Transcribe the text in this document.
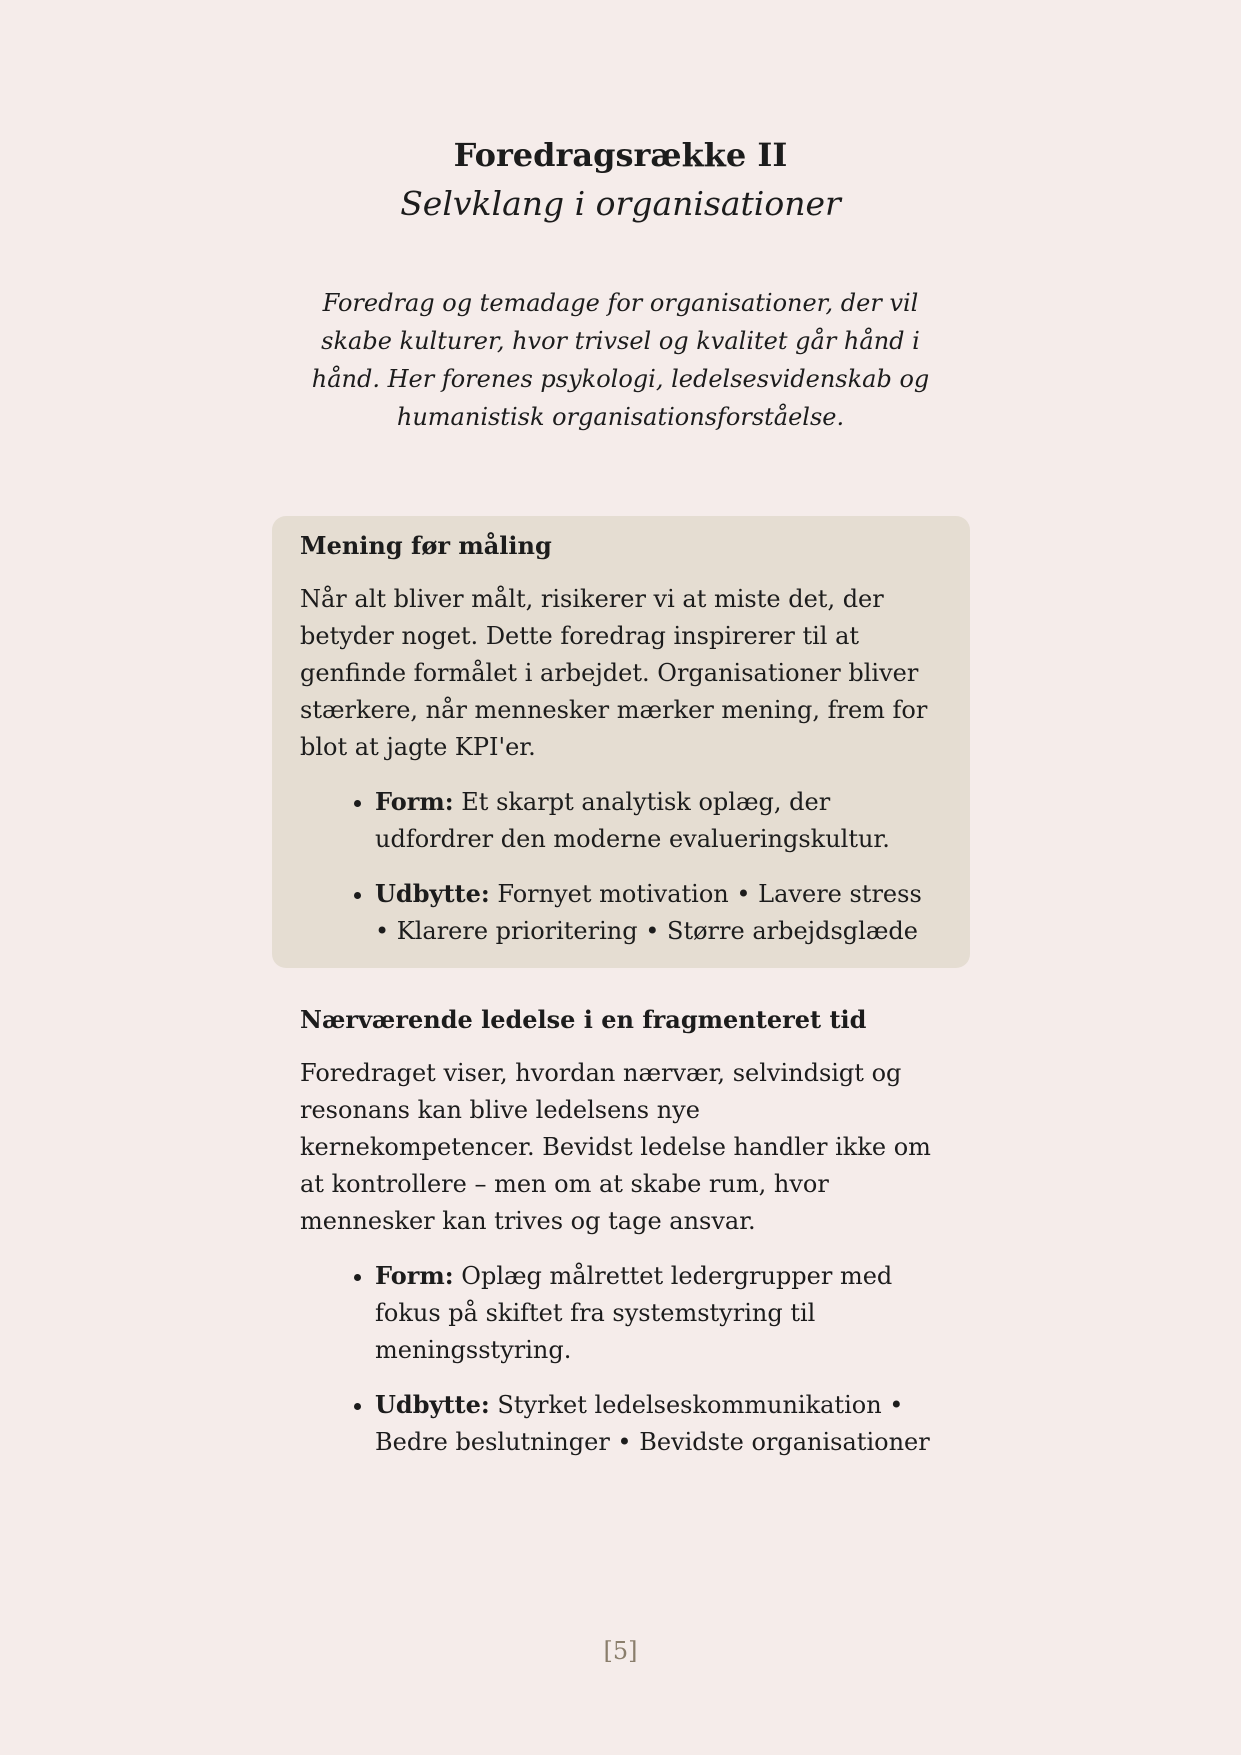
Foredragsrække II
Selvklang i organisationer

Foredrag og temadage for organisationer, der vil skabe kulturer, hvor trivsel og kvalitet går hånd i hånd. Her forenes psykologi, ledelsesvidenskab og humanistisk organisationsforståelse.

Mening før måling

Når alt bliver målt, risikerer vi at miste det, der betyder noget. Dette foredrag inspirerer til at genfinde formålet i arbejdet. Organisationer bliver stærkere, når mennesker mærker mening, frem for blot at jagte KPI'er.

• Form: Et skarpt analytisk oplæg, der udfordrer den moderne evalueringskultur.
• Udbytte: Fornyet motivation • Lavere stress • Klarere prioritering • Større arbejdsglæde
Nærværende ledelse i en fragmenteret tid

Foredraget viser, hvordan nærvær, selvindsigt og resonans kan blive ledelsens nye kernekompetencer. Bevidst ledelse handler ikke om at kontrollere – men om at skabe rum, hvor mennesker kan trives og tage ansvar.

• Form: Oplæg målrettet ledergrupper med fokus på skiftet fra systemstyring til meningsstyring.
• Udbytte: Styrket ledelseskommunikation • Bedre beslutninger • Bevidste organisationer
[5]
